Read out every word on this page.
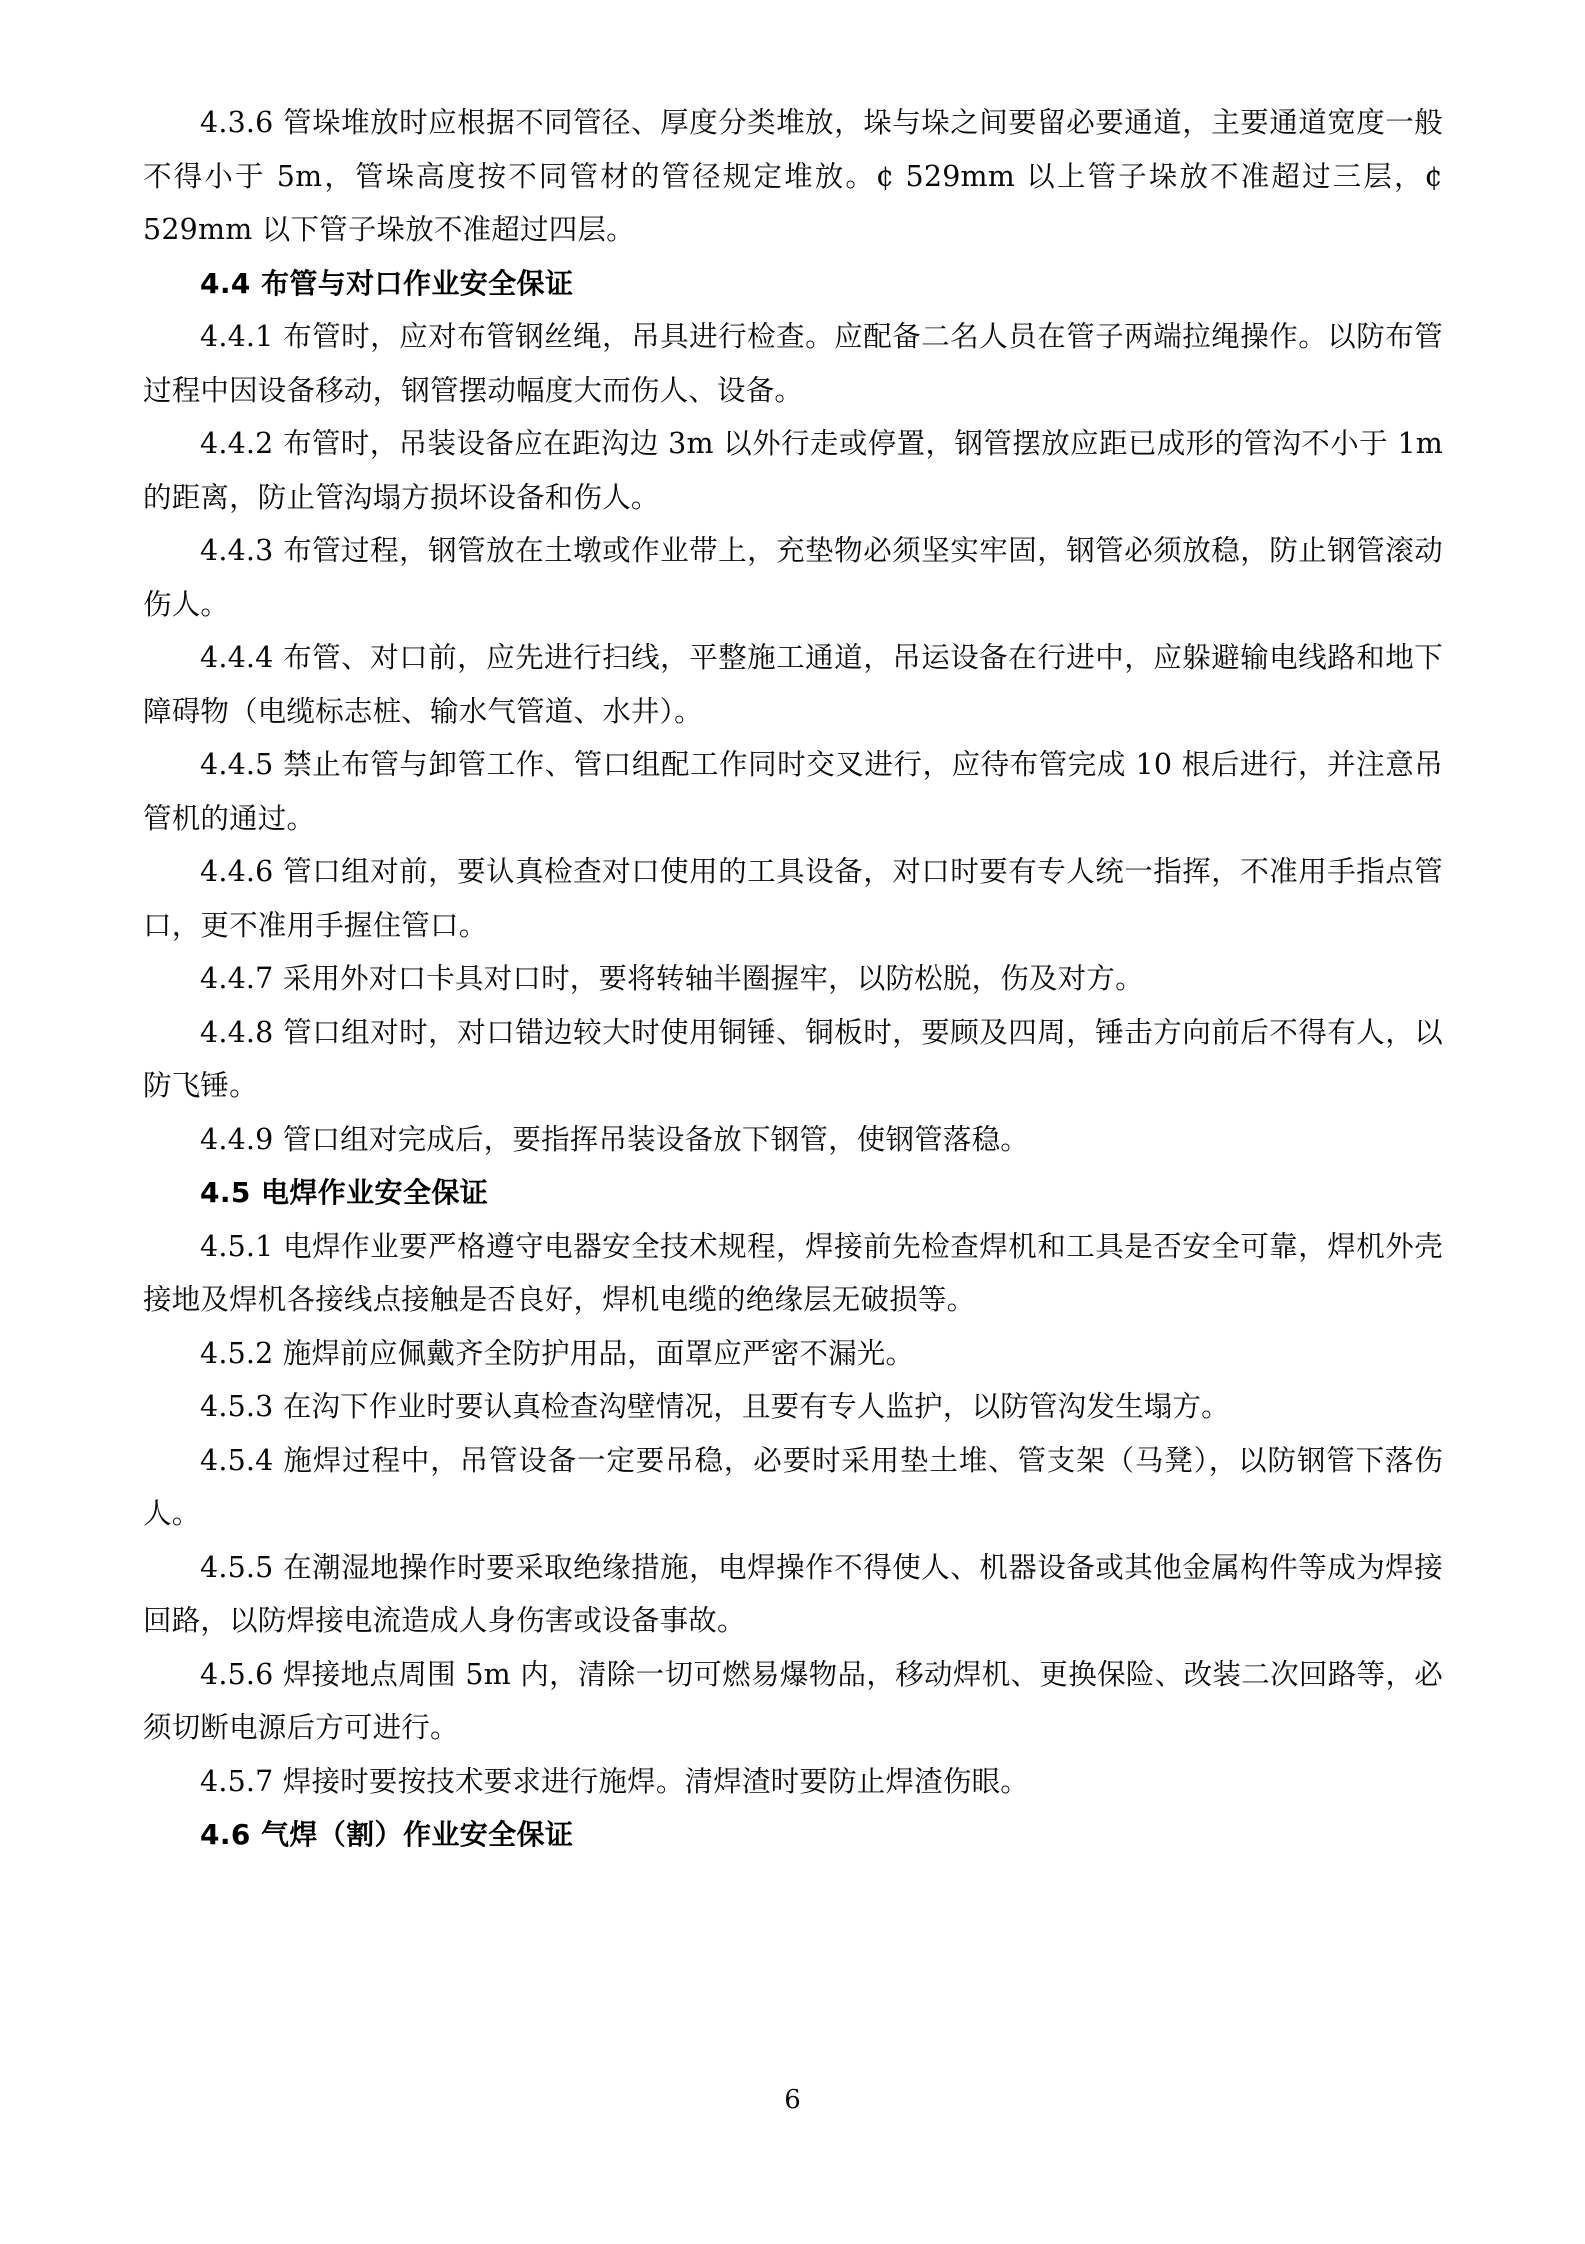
4.3.6 管垛堆放时应根据不同管径、厚度分类堆放，垛与垛之间要留必要通道，主要通道宽度一般不得小于 5m，管垛高度按不同管材的管径规定堆放。¢ 529mm 以上管子垛放不准超过三层，¢ 529mm 以下管子垛放不准超过四层。

4.4 布管与对口作业安全保证

4.4.1 布管时，应对布管钢丝绳，吊具进行检查。应配备二名人员在管子两端拉绳操作。以防布管过程中因设备移动，钢管摆动幅度大而伤人、设备。

4.4.2 布管时，吊装设备应在距沟边 3m 以外行走或停置，钢管摆放应距已成形的管沟不小于 1m 的距离，防止管沟塌方损坏设备和伤人。

4.4.3 布管过程，钢管放在土墩或作业带上，充垫物必须坚实牢固，钢管必须放稳，防止钢管滚动伤人。

4.4.4 布管、对口前，应先进行扫线，平整施工通道，吊运设备在行进中，应躲避输电线路和地下障碍物（电缆标志桩、输水气管道、水井）。

4.4.5 禁止布管与卸管工作、管口组配工作同时交叉进行，应待布管完成 10 根后进行，并注意吊管机的通过。

4.4.6 管口组对前，要认真检查对口使用的工具设备，对口时要有专人统一指挥，不准用手指点管口，更不准用手握住管口。

4.4.7 采用外对口卡具对口时，要将转轴半圈握牢，以防松脱，伤及对方。

4.4.8 管口组对时，对口错边较大时使用铜锤、铜板时，要顾及四周，锤击方向前后不得有人，以防飞锤。

4.4.9 管口组对完成后，要指挥吊装设备放下钢管，使钢管落稳。

4.5 电焊作业安全保证

4.5.1 电焊作业要严格遵守电器安全技术规程，焊接前先检查焊机和工具是否安全可靠，焊机外壳接地及焊机各接线点接触是否良好，焊机电缆的绝缘层无破损等。

4.5.2 施焊前应佩戴齐全防护用品，面罩应严密不漏光。

4.5.3 在沟下作业时要认真检查沟壁情况，且要有专人监护，以防管沟发生塌方。

4.5.4 施焊过程中，吊管设备一定要吊稳，必要时采用垫土堆、管支架（马凳），以防钢管下落伤人。

4.5.5 在潮湿地操作时要采取绝缘措施，电焊操作不得使人、机器设备或其他金属构件等成为焊接回路，以防焊接电流造成人身伤害或设备事故。

4.5.6 焊接地点周围 5m 内，清除一切可燃易爆物品，移动焊机、更换保险、改装二次回路等，必须切断电源后方可进行。

4.5.7 焊接时要按技术要求进行施焊。清焊渣时要防止焊渣伤眼。

4.6 气焊（割）作业安全保证
6
